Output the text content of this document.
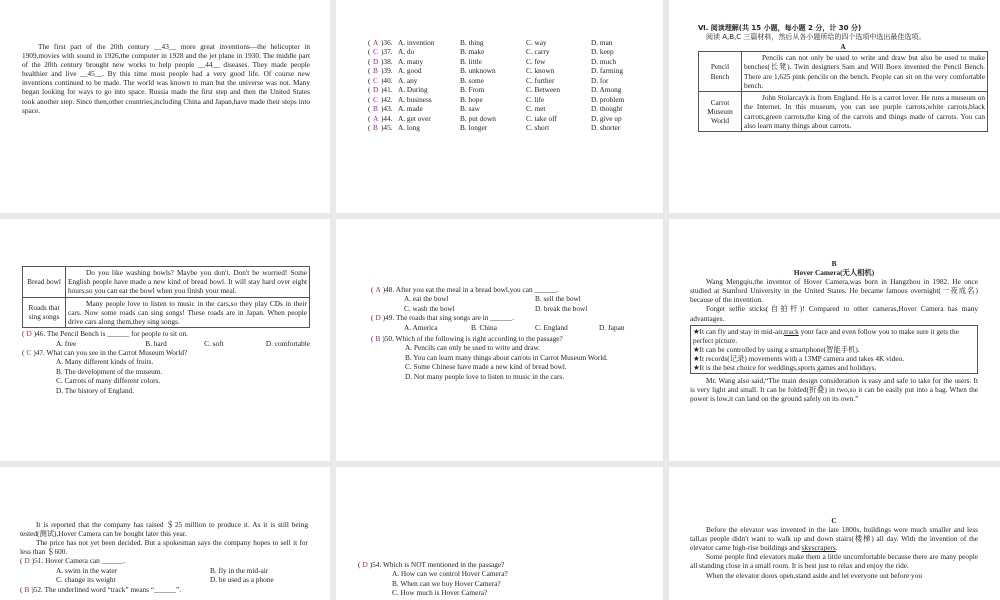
The first part of the 20th century __43__ more great inventions—the helicopter in 1909,movies with sound in 1926,the computer in 1928 and the jet plane in 1930. The middle part of the 20th century brought new works to help people __44__ diseases. They made people healthier and live __45__. By this time most people had a very good life. Of course new inventions continued to be made. The world was known to man but the universe was not. Many began looking for ways to go into space. Russia made the first step and then the United States took another step. Since then,other countries,including China and Japan,have made their steps into space.

( A )36. A. invention	B. thing	C. way	D. man
( C )37. A. do	B. make	C. carry	D. keep
( D )38. A. many	B. little	C. few	D. much
( B )39. A. good	B. unknown	C. known	D. farming
( C )40. A. any	B. some	C. further	D. for
( D )41. A. During	B. From	C. Between	D. Among
( C )42. A. business	B. hope	C. life	D. problem
( B )43. A. made	B. saw	C. met	D. thought
( A )44. A. get over	B. put down	C. take off	D. give up
( B )45. A. long	B. longer	C. short	D. shorter
Ⅵ. 阅读理解(共 15 小题，每小题 2 分，计 30 分)
阅读 A,B,C 三篇材料，然后从各小题所给的四个选项中选出最佳选项。
A
Pencil Bench	Pencils can not only be used to write and draw but also be used to make benches(长凳). Twin designers Sam and Will Boex invented the Pencil Bench. There are 1,625 pink pencils on the bench. People can sit on the very comfortable bench.

Carrot Museum World	John Stolarcayk is from England. He is a carrot lover. He runs a museum on the Internet. In this museum, you can see purple carrots,white carrots,black carrots,green carrots,the king of the carrots and things made of carrots. You can also learn many things about carrots.

Bread bowl	Do you like washing bowls? Maybe you don't. Don't be worried! Some English people have made a new kind of bread bowl. It will stay hard over eight hours,so you can eat the bowl when you finish your meal.

Roads that sing songs	Many people love to listen to music in the cars,so they play CDs in their cars. Now some roads can sing songs! These roads are in Japan. When people drive cars along them,they sing songs.

( D )46. The Pencil Bench is ______ for people to sit on.
A. free	B. hard	C. soft	D. comfortable
( C )47. What can you see in the Carrot Museum World?
A. Many different kinds of fruits.
B. The development of the museum.
C. Carrots of many different colors.
D. The history of England.
( A )48. After you eat the meal in a bread bowl,you can ______.
A. eat the bowl	B. sell the bowl
C. wash the bowl	D. break the bowl
( D )49. The roads that sing songs are in ______.
A. America	B. China	C. England	D. Japan
( B )50. Which of the following is right according to the passage?
A. Pencils can only be used to write and draw.
B. You can learn many things about carrots in Carrot Museum World.
C. Some Chinese have made a new kind of bread bowl.
D. Not many people love to listen to music in the cars.
B
Hover Camera(无人相机)

Wang Mengqiu,the inventor of Hover Camera,was born in Hangzhou in 1982. He once studied at Stanford University in the United States. He became famous overnight(一夜成名) because of the invention.

Forget selfie sticks(自拍杆)! Compared to other cameras,Hover Camera has many advantages.

★It can fly and stay in mid-air,track your face and even follow you to make sure it gets the perfect picture.
★It can be controlled by using a smartphone(智能手机).
★It records(记录) movements with a 13MP camera and takes 4K video.
★It is the best choice for weddings,sports games and holidays.

Mr. Wang also said,“The main design consideration is easy and safe to take for the users. It is very light and small. It can be folded(折叠) in two,so it can be easily put into a bag. When the power is low,it can land on the ground safely on its own.”

It is reported that the company has raised ＄25 million to produce it. As it is still being tested(测试),Hover Camera can be bought later this year.

The price has not yet been decided. But a spokesman says the company hopes to sell it for less than ＄600.

( D )51. Hover Camera can ______.
A. swim in the water	B. fly in the mid-air
C. change its weight	D. be used as a phone
( B )52. The underlined word “track” means “______”.
( D )54. Which is NOT mentioned in the passage?
A. How can we control Hover Camera?
B. When can we buy Hover Camera?
C. How much is Hover Camera?
C

Before the elevator was invented in the late 1800s, buildings were much smaller and less tall,as people didn't want to walk up and down stairs(楼梯) all day. With the invention of the elevator came high-rise buildings and skyscrapers.

Some people find elevators make them a little uncomfortable because there are many people all standing close in a small room. It is best just to relax and enjoy the ride.

When the elevator doors open,stand aside and let everyone out before you
